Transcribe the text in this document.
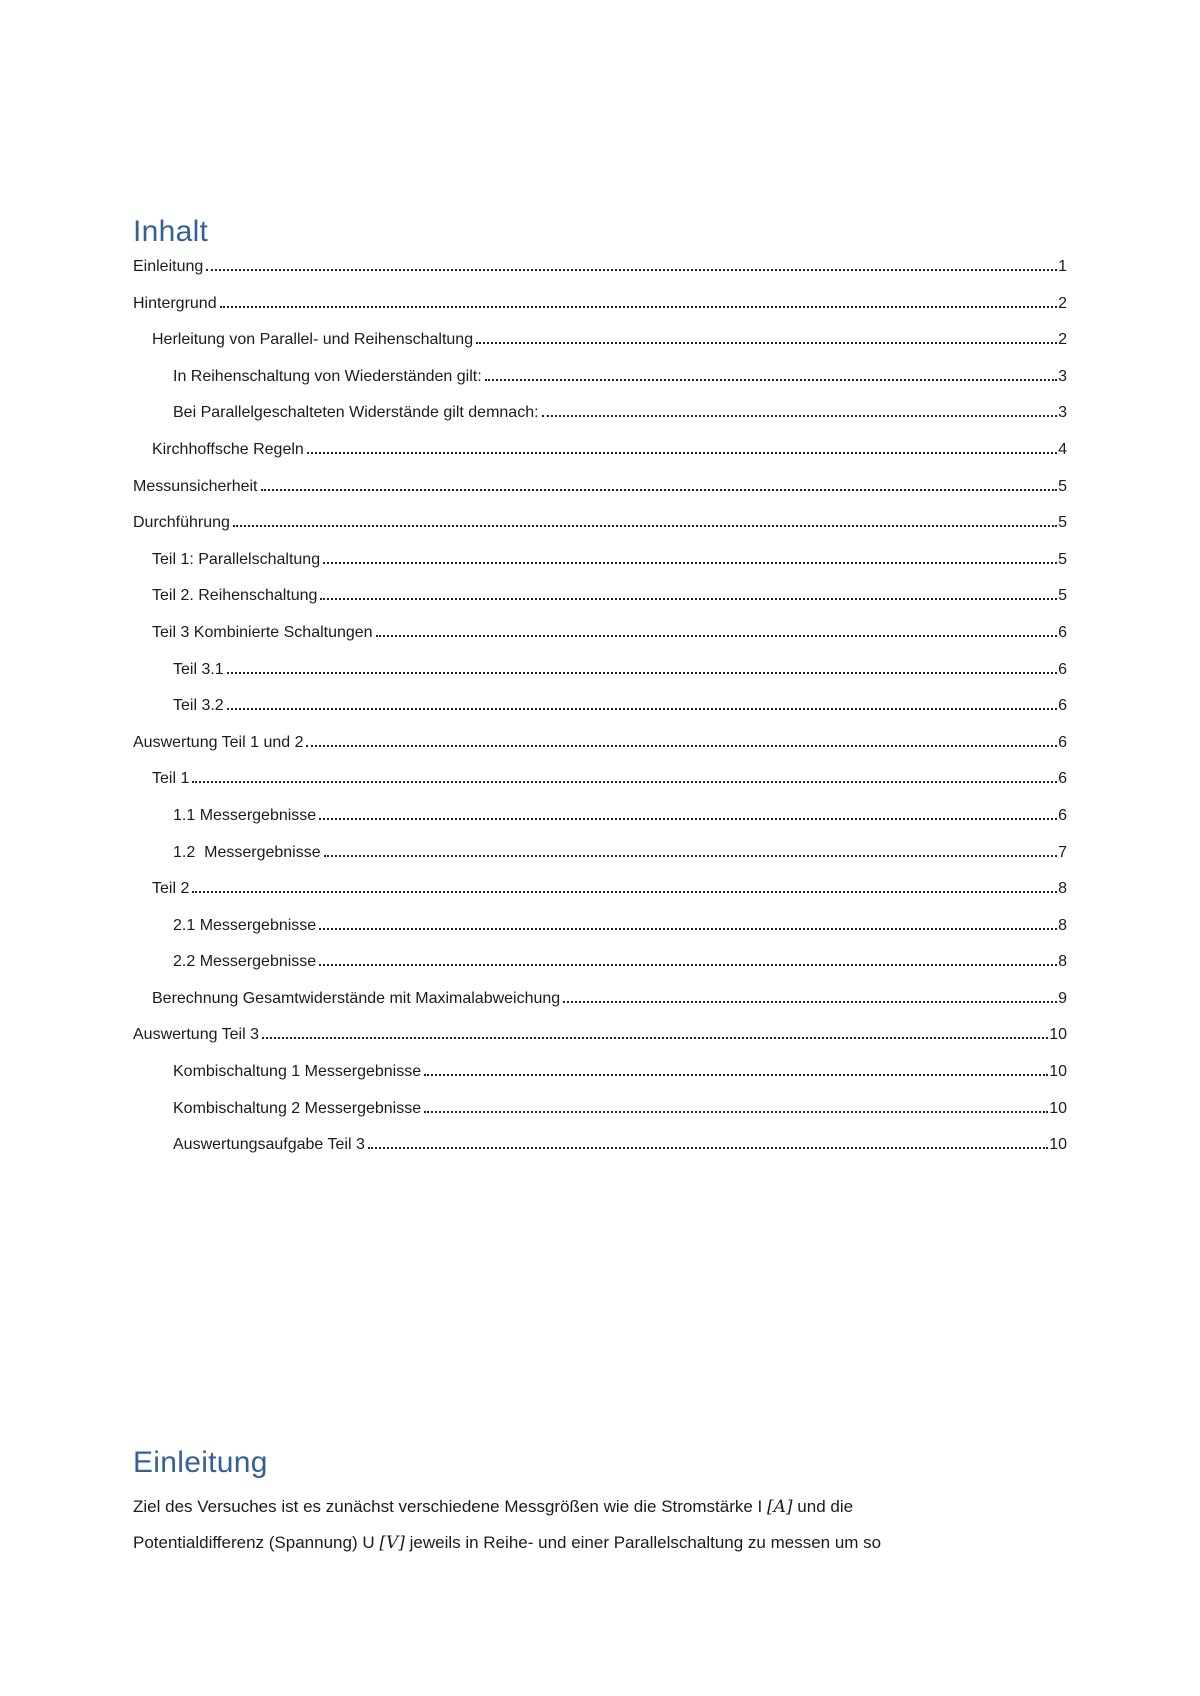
Inhalt
Einleitung	1
Hintergrund	2
Herleitung von Parallel- und Reihenschaltung	2
In Reihenschaltung von Wiederständen gilt:	3
Bei Parallelgeschalteten Widerstände gilt demnach:	3
Kirchhoffsche Regeln	4
Messunsicherheit	5
Durchführung	5
Teil 1: Parallelschaltung	5
Teil 2. Reihenschaltung	5
Teil 3 Kombinierte Schaltungen	6
Teil 3.1	6
Teil 3.2	6
Auswertung Teil 1 und 2	6
Teil 1	6
1.1 Messergebnisse	6
1.2  Messergebnisse	7
Teil 2	8
2.1 Messergebnisse	8
2.2 Messergebnisse	8
Berechnung Gesamtwiderstände mit Maximalabweichung	9
Auswertung Teil 3	10
Kombischaltung 1 Messergebnisse	10
Kombischaltung 2 Messergebnisse	10
Auswertungsaufgabe Teil 3	10
Einleitung

Ziel des Versuches ist es zunächst verschiedene Messgrößen wie die Stromstärke I [A] und die
Potentialdifferenz (Spannung) U [V] jeweils in Reihe- und einer Parallelschaltung zu messen um so
